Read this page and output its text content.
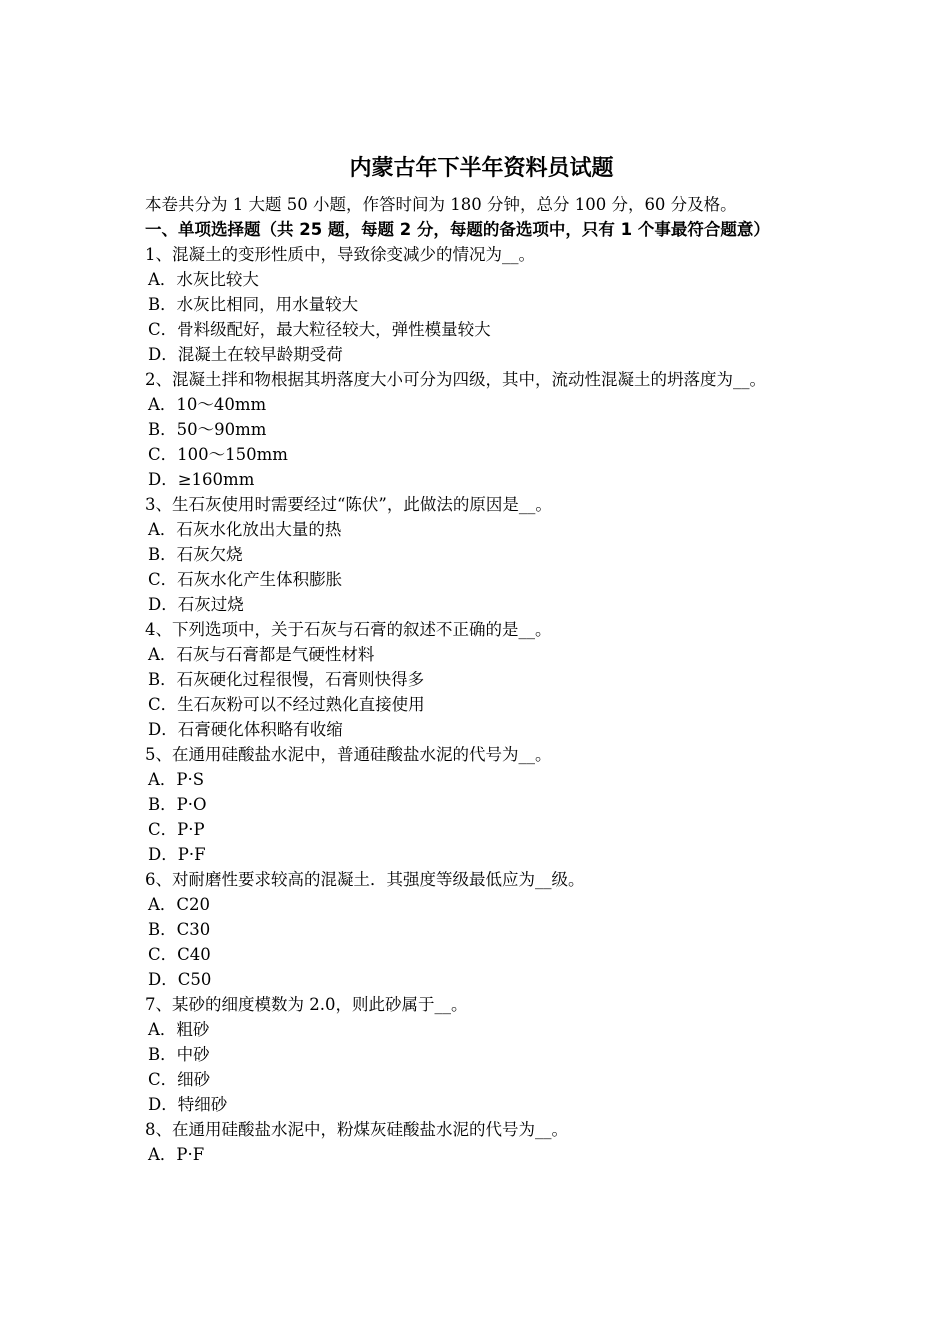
内蒙古年下半年资料员试题
本卷共分为 1 大题 50 小题，作答时间为 180 分钟，总分 100 分，60 分及格。
一、单项选择题（共 25 题，每题 2 分，每题的备选项中，只有 1 个事最符合题意）
1、混凝土的变形性质中，导致徐变减少的情况为__。
A．水灰比较大
B．水灰比相同，用水量较大
C．骨料级配好，最大粒径较大，弹性模量较大
D．混凝土在较早龄期受荷
2、混凝土拌和物根据其坍落度大小可分为四级，其中，流动性混凝土的坍落度为__。
A．10～40mm
B．50～90mm
C．100～150mm
D．≥160mm
3、生石灰使用时需要经过“陈伏”，此做法的原因是__。
A．石灰水化放出大量的热
B．石灰欠烧
C．石灰水化产生体积膨胀
D．石灰过烧
4、下列选项中，关于石灰与石膏的叙述不正确的是__。
A．石灰与石膏都是气硬性材料
B．石灰硬化过程很慢，石膏则快得多
C．生石灰粉可以不经过熟化直接使用
D．石膏硬化体积略有收缩
5、在通用硅酸盐水泥中，普通硅酸盐水泥的代号为__。
A．P·S
B．P·O
C．P·P
D．P·F
6、对耐磨性要求较高的混凝土．其强度等级最低应为__级。
A．C20
B．C30
C．C40
D．C50
7、某砂的细度模数为 2.0，则此砂属于__。
A．粗砂
B．中砂
C．细砂
D．特细砂
8、在通用硅酸盐水泥中，粉煤灰硅酸盐水泥的代号为__。
A．P·F
